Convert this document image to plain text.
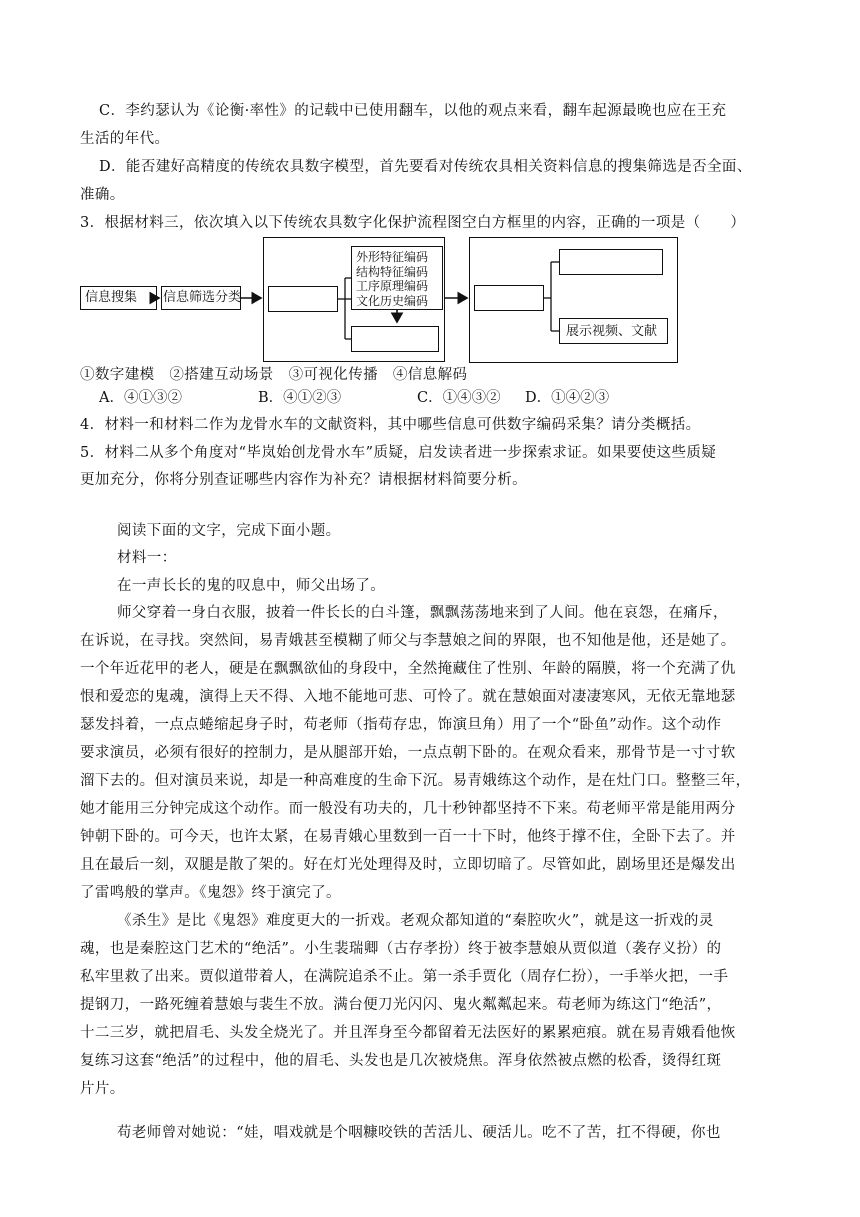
C．李约瑟认为《论衡·率性》的记载中已使用翻车，以他的观点来看，翻车起源最晚也应在王充
生活的年代。
D．能否建好高精度的传统农具数字模型，首先要看对传统农具相关资料信息的搜集筛选是否全面、
准确。
3．根据材料三，依次填入以下传统农具数字化保护流程图空白方框里的内容，正确的一项是（　　）
信息搜集 信息筛选分类
外形特征编码
结构特征编码
工序原理编码
文化历史编码
展示视频、文献
①数字建模　②搭建互动场景　③可视化传播　④信息解码
A．④①③②	B．④①②③	C．①④③② D．①④②③
4．材料一和材料二作为龙骨水车的文献资料，其中哪些信息可供数字编码采集？请分类概括。
5．材料二从多个角度对“毕岚始创龙骨水车”质疑，启发读者进一步探索求证。如果要使这些质疑
更加充分，你将分别查证哪些内容作为补充？请根据材料简要分析。
阅读下面的文字，完成下面小题。
材料一：
在一声长长的鬼的叹息中，师父出场了。
师父穿着一身白衣服，披着一件长长的白斗篷，飘飘荡荡地来到了人间。他在哀怨，在痛斥，
在诉说，在寻找。突然间，易青娥甚至模糊了师父与李慧娘之间的界限，也不知他是他，还是她了。
一个年近花甲的老人，硬是在飘飘欲仙的身段中，全然掩藏住了性别、年龄的隔膜，将一个充满了仇
恨和爱恋的鬼魂，演得上天不得、入地不能地可悲、可怜了。就在慧娘面对凄凄寒风，无依无靠地瑟
瑟发抖着，一点点蜷缩起身子时，苟老师（指苟存忠，饰演旦角）用了一个“卧鱼”动作。这个动作
要求演员，必须有很好的控制力，是从腿部开始，一点点朝下卧的。在观众看来，那骨节是一寸寸软
溜下去的。但对演员来说，却是一种高难度的生命下沉。易青娥练这个动作，是在灶门口。整整三年，
她才能用三分钟完成这个动作。而一般没有功夫的，几十秒钟都坚持不下来。苟老师平常是能用两分
钟朝下卧的。可今天，也许太紧，在易青娥心里数到一百一十下时，他终于撑不住，全卧下去了。并
且在最后一刻，双腿是散了架的。好在灯光处理得及时，立即切暗了。尽管如此，剧场里还是爆发出
了雷鸣般的掌声。《鬼怨》终于演完了。
《杀生》是比《鬼怨》难度更大的一折戏。老观众都知道的“秦腔吹火”，就是这一折戏的灵
魂，也是秦腔这门艺术的“绝活”。小生裴瑞卿（古存孝扮）终于被李慧娘从贾似道（袭存义扮）的
私牢里救了出来。贾似道带着人，在满院追杀不止。第一杀手贾化（周存仁扮），一手举火把，一手
提钢刀，一路死缠着慧娘与裴生不放。满台便刀光闪闪、鬼火粼粼起来。苟老师为练这门“绝活”，
十二三岁，就把眉毛、头发全烧光了。并且浑身至今都留着无法医好的累累疤痕。就在易青娥看他恢
复练习这套“绝活”的过程中，他的眉毛、头发也是几次被烧焦。浑身依然被点燃的松香，烫得红斑
片片。
苟老师曾对她说：“娃，唱戏就是个咽糠咬铁的苦活儿、硬活儿。吃不了苦，扛不得硬，你也
